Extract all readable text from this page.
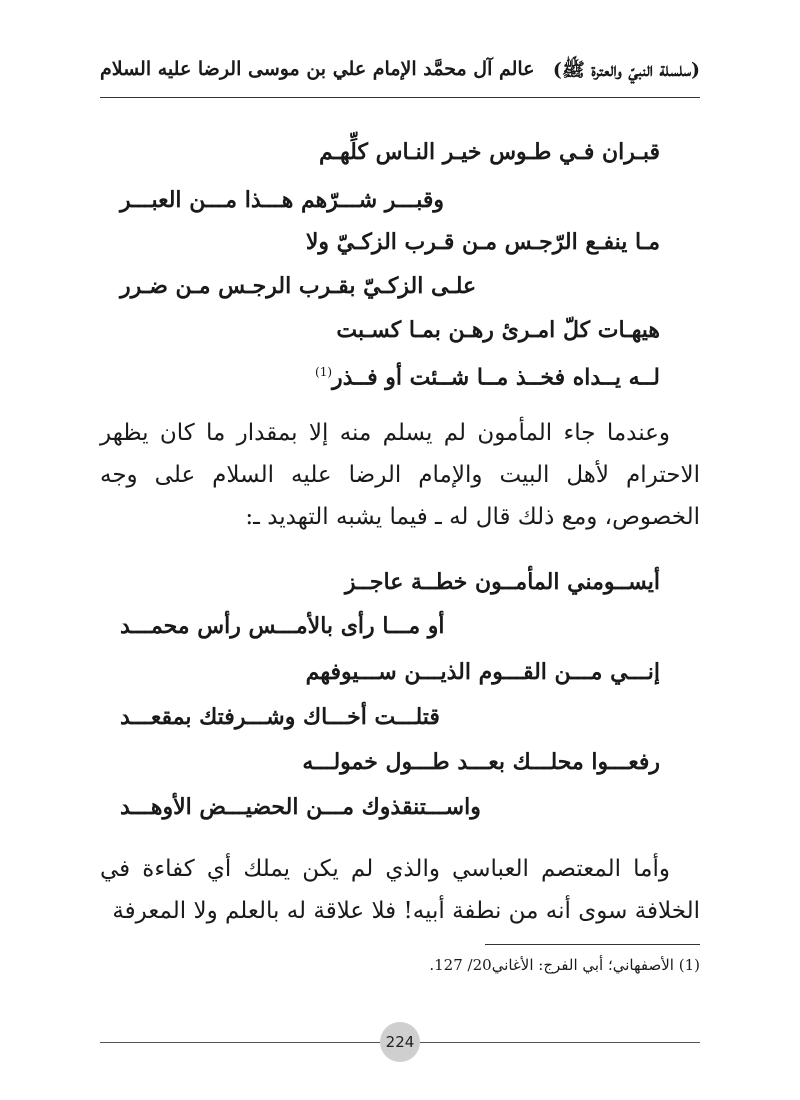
(سلسلة النبيّ والعترة ﷺ)
عالم آل محمَّد الإمام علي بن موسى الرضا عليه السلام
قبـران فـي طـوس خيـر النـاس كلِّهـم
وقبـــر شـــرّهم هـــذا مـــن العبـــر
مـا ينفـع الرّجـس مـن قـرب الزكـيّ ولا
علـى الزكـيّ بقـرب الرجـس مـن ضـرر
هيهـات كلّ امـرئ رهـن بمـا كسـبت
لــه يــداه فخــذ مــا شــئت أو فــذر$^{(1)}$

وعندما جاء المأمون لم يسلم منه إلا بمقدار ما كان يظهر الاحترام لأهل البيت والإمام الرضا عليه السلام على وجه الخصوص، ومع ذلك قال له ـ فيما يشبه التهديد ـ:

أيســومني المأمــون خطــة عاجــز
أو مـــا رأى بالأمـــس رأس محمـــد
إنـــي مـــن القـــوم الذيـــن ســـيوفهم
قتلـــت أخـــاك وشـــرفتك بمقعـــد
رفعـــوا محلـــك بعـــد طـــول خمولـــه
واســـتنقذوك مـــن الحضيـــض الأوهـــد

وأما المعتصم العباسي والذي لم يكن يملك أي كفاءة في الخلافة سوى أنه من نطفة أبيه! فلا علاقة له بالعلم ولا المعرفة

(1) الأصفهاني؛ أبي الفرج: الأغاني20/ 127.
224
